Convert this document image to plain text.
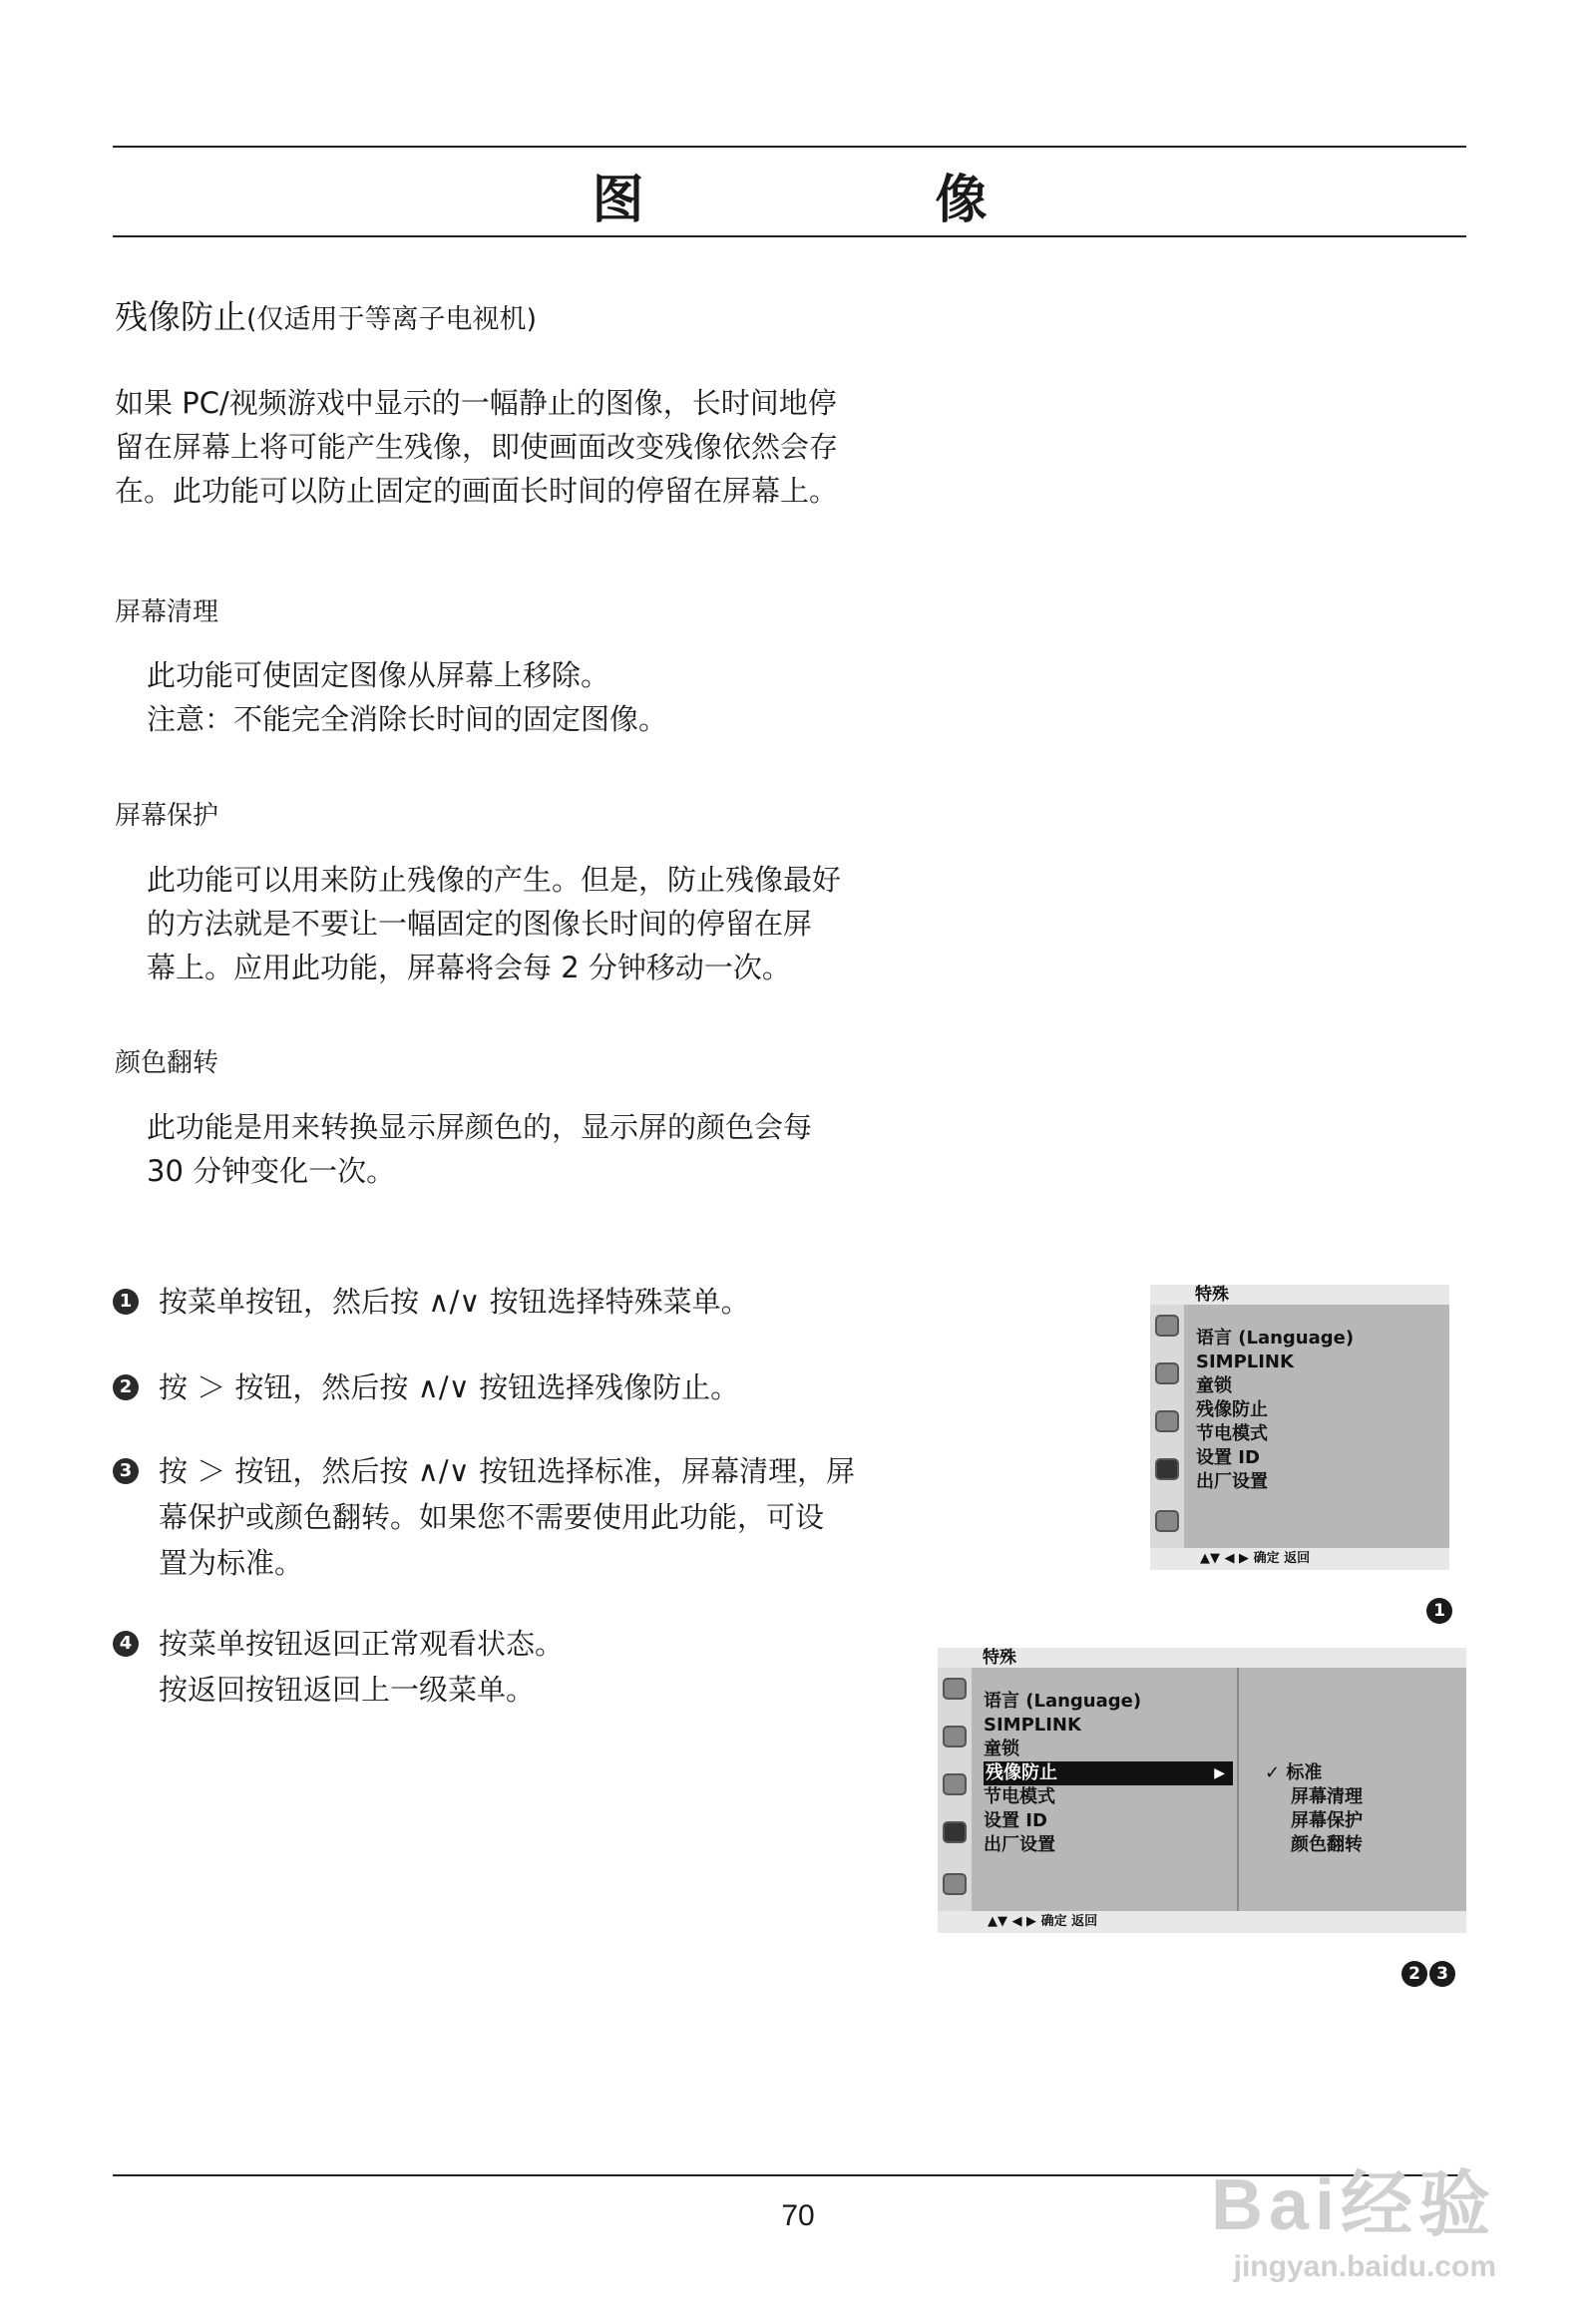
图　像
残像防止(仅适用于等离子电视机)
如果 PC/视频游戏中显示的一幅静止的图像，长时间地停
留在屏幕上将可能产生残像，即使画面改变残像依然会存
在。此功能可以防止固定的画面长时间的停留在屏幕上。
屏幕清理
此功能可使固定图像从屏幕上移除。
注意：不能完全消除长时间的固定图像。
屏幕保护
此功能可以用来防止残像的产生。但是，防止残像最好
的方法就是不要让一幅固定的图像长时间的停留在屏
幕上。应用此功能，屏幕将会每 2 分钟移动一次。
颜色翻转
此功能是用来转换显示屏颜色的，显示屏的颜色会每
30 分钟变化一次。
1 按菜单按钮，然后按 ∧/∨ 按钮选择特殊菜单。
2 按 ＞ 按钮，然后按 ∧/∨ 按钮选择残像防止。
3 按 ＞ 按钮，然后按 ∧/∨ 按钮选择标准，屏幕清理，屏
幕保护或颜色翻转。如果您不需要使用此功能，可设
置为标准。
4 按菜单按钮返回正常观看状态。
按返回按钮返回上一级菜单。
特殊
语言 (Language)
SIMPLINK
童锁
残像防止
节电模式
设置 ID
出厂设置
▲▼ ◀ ▶ 确定 返回
1
特殊
语言 (Language)
SIMPLINK
童锁
残像防止	▶
节电模式
设置 ID
出厂设置
✓ 标准
屏幕清理
屏幕保护
颜色翻转
▲▼ ◀ ▶ 确定 返回
2 3
70	Bai经验
jingyan.baidu.com
